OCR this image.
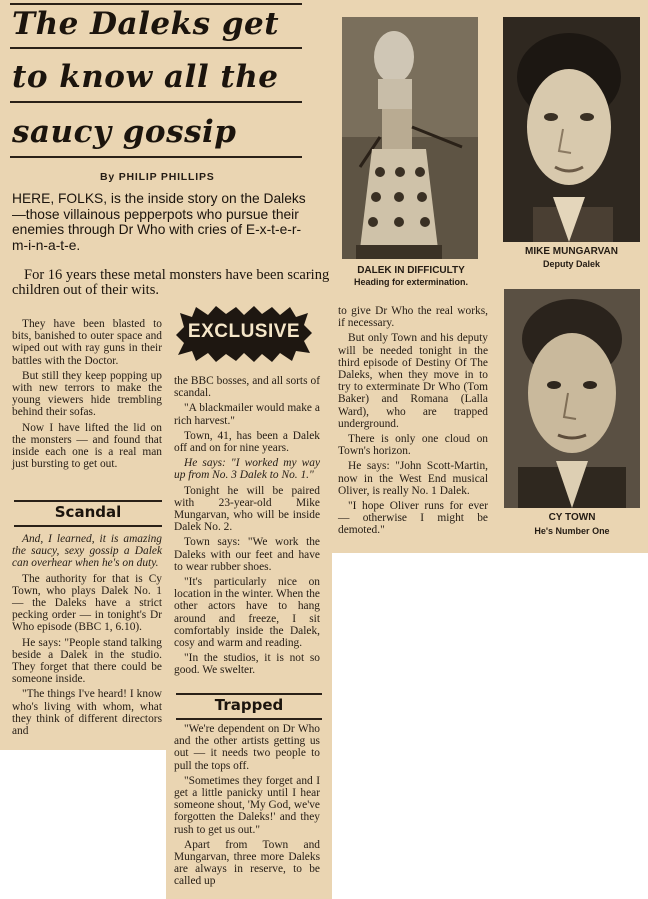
The Daleks get
to know all the
saucy gossip
By PHILIP PHILLIPS
HERE, FOLKS, is the inside story on the Daleks—those villainous pepperpots who pursue their enemies through Dr Who with cries of E-x-t-e-r-m-i-n-a-t-e.
For 16 years these metal monsters have been scaring children out of their wits.

They have been blasted to bits, banished to outer space and wiped out with ray guns in their battles with the Doctor.

But still they keep popping up with new terrors to make the young viewers hide trembling behind their sofas.

Now I have lifted the lid on the monsters — and found that inside each one is a real man just bursting to get out.

Scandal

And, I learned, it is amazing the saucy, sexy gossip a Dalek can overhear when he's on duty.

The authority for that is Cy Town, who plays Dalek No. 1 — the Daleks have a strict pecking order — in tonight's Dr Who episode (BBC 1, 6.10).

He says: "People stand talking beside a Dalek in the studio. They forget that there could be someone inside.

"The things I've heard! I know who's living with whom, what they think of different directors and

EXCLUSIVE

the BBC bosses, and all sorts of scandal.

"A blackmailer would make a rich harvest."

Town, 41, has been a Dalek off and on for nine years.

He says: "I worked my way up from No. 3 Dalek to No. 1."

Tonight he will be paired with 23-year-old Mike Mungarvan, who will be inside Dalek No. 2.

Town says: "We work the Daleks with our feet and have to wear rubber shoes.

"It's particularly nice on location in the winter. When the other actors have to hang around and freeze, I sit comfortably inside the Dalek, cosy and warm and reading.

"In the studios, it is not so good. We swelter.

Trapped

"We're dependent on Dr Who and the other artists getting us out — it needs two people to pull the tops off.

"Sometimes they forget and I get a little panicky until I hear someone shout, 'My God, we've forgotten the Daleks!' and they rush to get us out."

Apart from Town and Mungarvan, three more Daleks are always in reserve, to be called up

to give Dr Who the real works, if necessary.

But only Town and his deputy will be needed tonight in the third episode of Destiny Of The Daleks, when they move in to try to exterminate Dr Who (Tom Baker) and Romana (Lalla Ward), who are trapped underground.

There is only one cloud on Town's horizon.

He says: "John Scott-Martin, now in the West End musical Oliver, is really No. 1 Dalek.

"I hope Oliver runs for ever — otherwise I might be demoted."

DALEK IN DIFFICULTY
Heading for extermination.
MIKE MUNGARVAN
Deputy Dalek
CY TOWN
He's Number One
